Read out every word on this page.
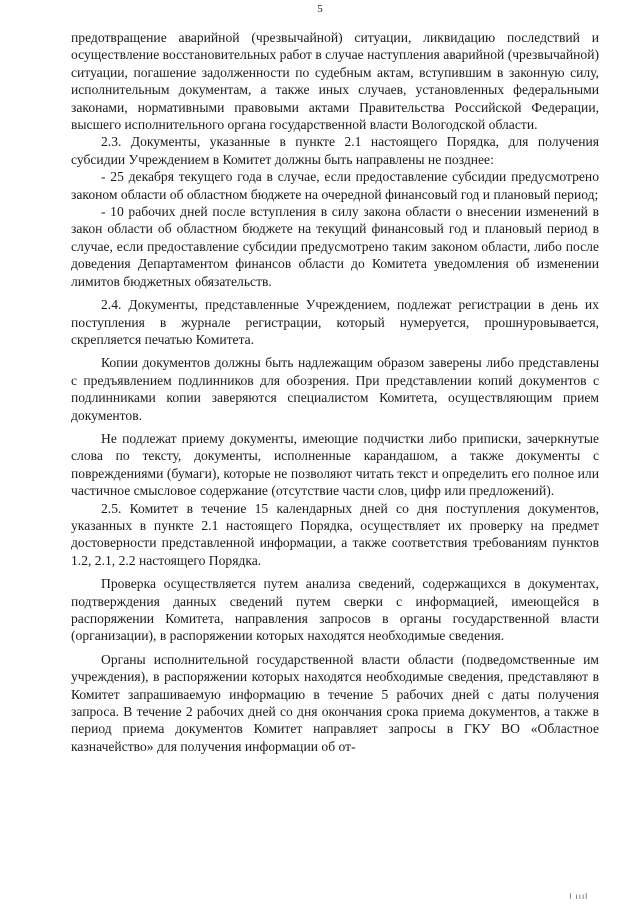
5

предотвращение аварийной (чрезвычайной) ситуации, ликвидацию последствий и осуществление восстановительных работ в случае наступления аварийной (чрезвычайной) ситуации, погашение задолженности по судебным актам, вступившим в законную силу, исполнительным документам, а также иных случаев, установленных федеральными законами, нормативными правовыми актами Правительства Российской Федерации, высшего исполнительного органа государственной власти Вологодской области.

2.3. Документы, указанные в пункте 2.1 настоящего Порядка, для получения субсидии Учреждением в Комитет должны быть направлены не позднее:

- 25 декабря текущего года в случае, если предоставление субсидии предусмотрено законом области об областном бюджете на очередной финансовый год и плановый период;

- 10 рабочих дней после вступления в силу закона области о внесении изменений в закон области об областном бюджете на текущий финансовый год и плановый период в случае, если предоставление субсидии предусмотрено таким законом области, либо после доведения Департаментом финансов области до Комитета уведомления об изменении лимитов бюджетных обязательств.

2.4. Документы, представленные Учреждением, подлежат регистрации в день их поступления в журнале регистрации, который нумеруется, прошнуровывается, скрепляется печатью Комитета.

Копии документов должны быть надлежащим образом заверены либо представлены с предъявлением подлинников для обозрения. При представлении копий документов с подлинниками копии заверяются специалистом Комитета, осуществляющим прием документов.

Не подлежат приему документы, имеющие подчистки либо приписки, зачеркнутые слова по тексту, документы, исполненные карандашом, а также документы с повреждениями (бумаги), которые не позволяют читать текст и определить его полное или частичное смысловое содержание (отсутствие части слов, цифр или предложений).

2.5. Комитет в течение 15 календарных дней со дня поступления документов, указанных в пункте 2.1 настоящего Порядка, осуществляет их проверку на предмет достоверности представленной информации, а также соответствия требованиям пунктов 1.2, 2.1, 2.2 настоящего Порядка.

Проверка осуществляется путем анализа сведений, содержащихся в документах, подтверждения данных сведений путем сверки с информацией, имеющейся в распоряжении Комитета, направления запросов в органы государственной власти (организации), в распоряжении которых находятся необходимые сведения.

Органы исполнительной государственной власти области (подведомственные им учреждения), в распоряжении которых находятся необходимые сведения, представляют в Комитет запрашиваемую информацию в течение 5 рабочих дней с даты получения запроса. В течение 2 рабочих дней со дня окончания срока приема документов, а также в период приема документов Комитет направляет запросы в ГКУ ВО «Областное казначейство» для получения информации об от-

l ıııl
